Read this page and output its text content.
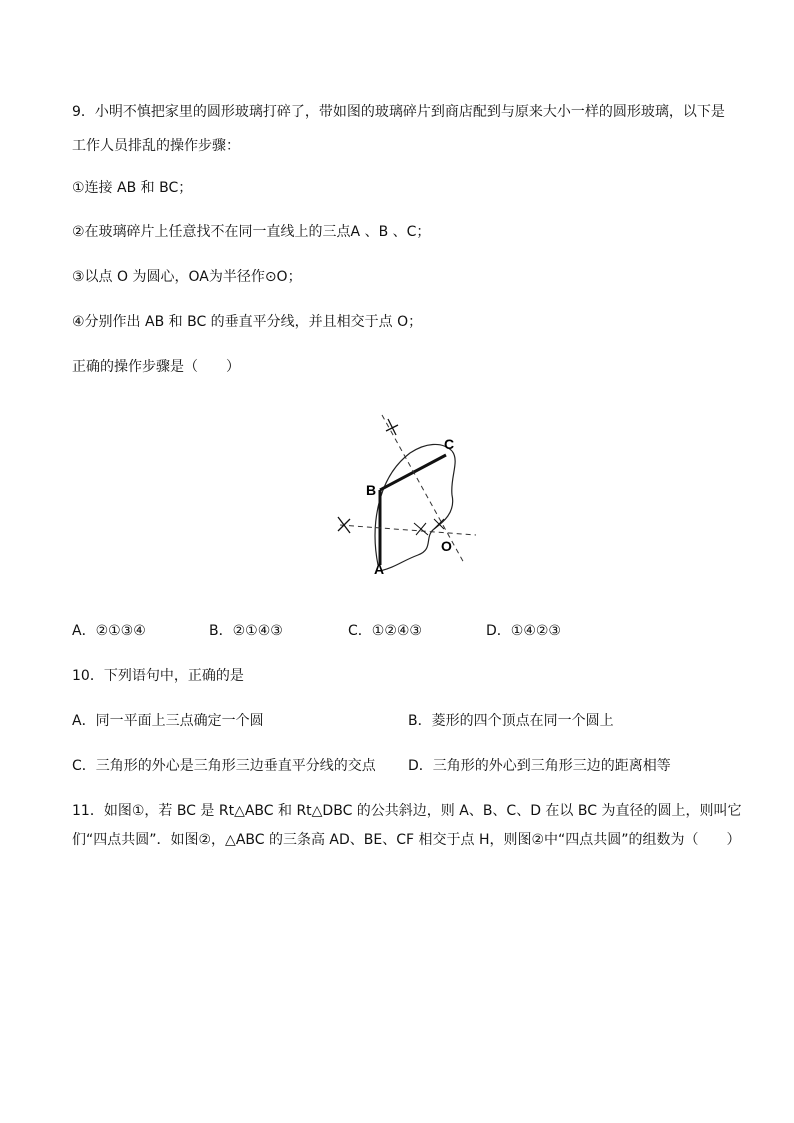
9．小明不慎把家里的圆形玻璃打碎了，带如图的玻璃碎片到商店配到与原来大小一样的圆形玻璃，以下是
工作人员排乱的操作步骤：
①连接 AB 和 BC；
②在玻璃碎片上任意找不在同一直线上的三点A 、B 、C；
③以点 O 为圆心，OA为半径作⊙O；
④分别作出 AB 和 BC 的垂直平分线，并且相交于点 O；
正确的操作步骤是（　　）
C
B
A
O
A．②①③④	B．②①④③	C．①②④③	D．①④②③
10．下列语句中，正确的是
A．同一平面上三点确定一个圆	B．菱形的四个顶点在同一个圆上
C．三角形的外心是三角形三边垂直平分线的交点 D．三角形的外心到三角形三边的距离相等
11．如图①，若 BC 是 Rt△ABC 和 Rt△DBC 的公共斜边，则 A、B、C、D 在以 BC 为直径的圆上，则叫它
们“四点共圆”．如图②，△ABC 的三条高 AD、BE、CF 相交于点 H，则图②中“四点共圆”的组数为（　　）
